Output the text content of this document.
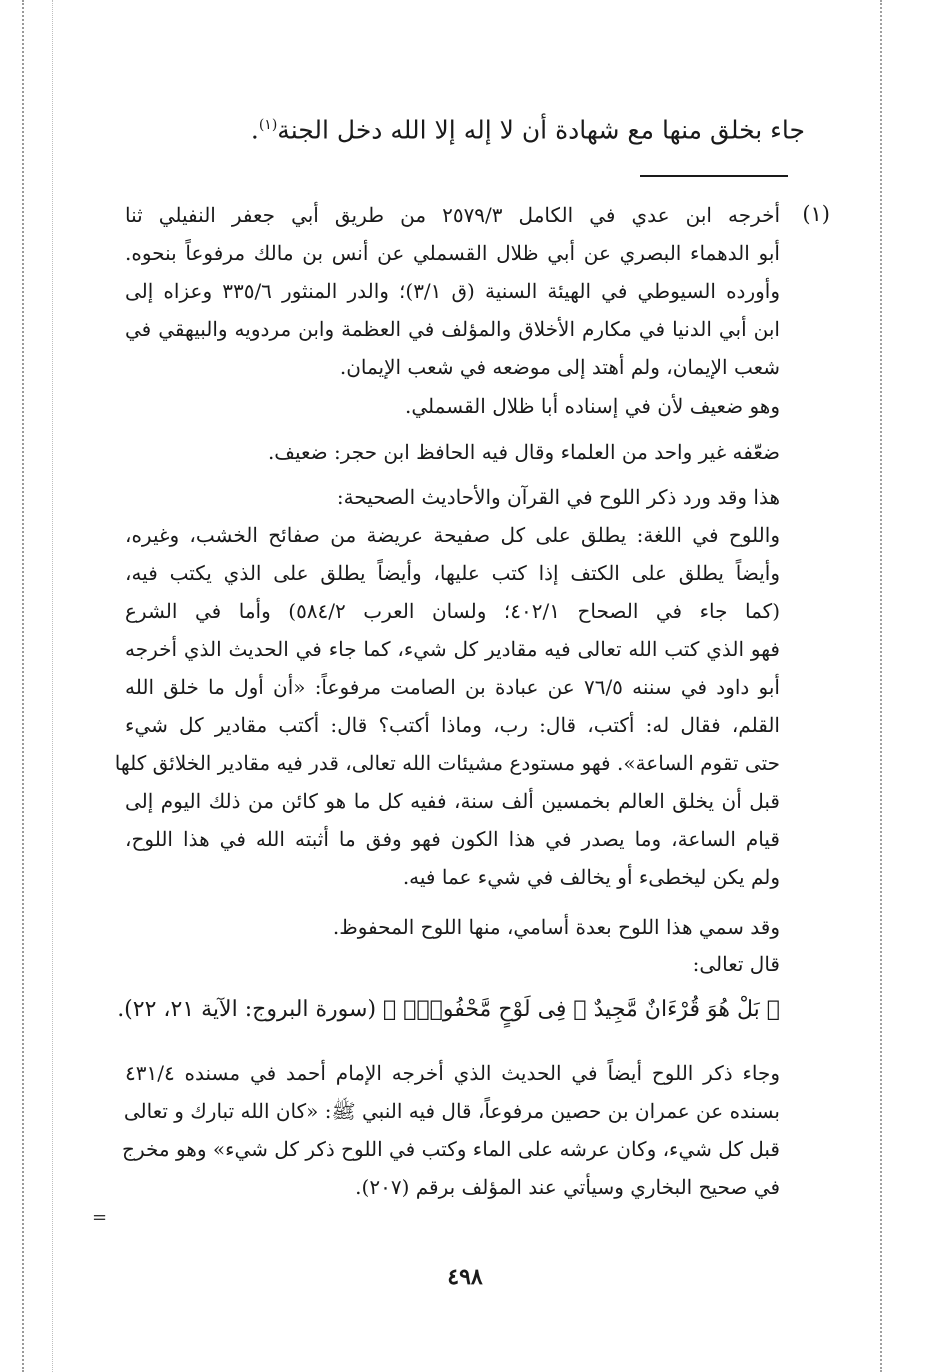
جاء بخلق منها مع شهادة أن لا إله إلا الله دخل الجنة$^{(١)}$.
(١)
أخرجه ابن عدي في الكامل ٢٥٧٩/٣ من طريق أبي جعفر النفيلي ثنا
أبو الدهماء البصري عن أبي ظلال القسملي عن أنس بن مالك مرفوعاً بنحوه.
وأورده السيوطي في الهيئة السنية (ق ٣/١)؛ والدر المنثور ٣٣٥/٦ وعزاه إلى
ابن أبي الدنيا في مكارم الأخلاق والمؤلف في العظمة وابن مردويه والبيهقي في
شعب الإيمان، ولم أهتد إلى موضعه في شعب الإيمان.
وهو ضعيف لأن في إسناده أبا ظلال القسملي.
ضعّفه غير واحد من العلماء وقال فيه الحافظ ابن حجر: ضعيف.
هذا وقد ورد ذكر اللوح في القرآن والأحاديث الصحيحة:
واللوح في اللغة: يطلق على كل صفيحة عريضة من صفائح الخشب، وغيره،
وأيضاً يطلق على الكتف إذا كتب عليها، وأيضاً يطلق على الذي يكتب فيه،
(كما جاء في الصحاح ٤٠٢/١؛ ولسان العرب ٥٨٤/٢) وأما في الشرع
فهو الذي كتب الله تعالى فيه مقادير كل شيء، كما جاء في الحديث الذي أخرجه
أبو داود في سننه ٧٦/٥ عن عبادة بن الصامت مرفوعاً: «أن أول ما خلق الله
القلم، فقال له: أكتب، قال: رب، وماذا أكتب؟ قال: أكتب مقادير كل شيء
حتى تقوم الساعة». فهو مستودع مشيئات الله تعالى، قدر فيه مقادير الخلائق كلها
قبل أن يخلق العالم بخمسين ألف سنة، ففيه كل ما هو كائن من ذلك اليوم إلى
قيام الساعة، وما يصدر في هذا الكون فهو وفق ما أثبته الله في هذا اللوح،
ولم يكن ليخطىء أو يخالف في شيء عما فيه.
وقد سمي هذا اللوح بعدة أسامي، منها اللوح المحفوظ.
قال تعالى:
﴿ بَلْ هُوَ قُرْءَانٌ مَّجِيدٌ ۞ فِى لَوْحٍ مَّحْفُوظٍۭ ﴾ (سورة البروج: الآية ٢١، ٢٢).
وجاء ذكر اللوح أيضاً في الحديث الذي أخرجه الإمام أحمد في مسنده ٤٣١/٤
بسنده عن عمران بن حصين مرفوعاً، قال فيه النبي ﷺ: «كان الله تبارك و تعالى
قبل كل شيء، وكان عرشه على الماء وكتب في اللوح ذكر كل شيء» وهو مخرج
في صحيح البخاري وسيأتي عند المؤلف برقم (٢٠٧).
=
٤٩٨
